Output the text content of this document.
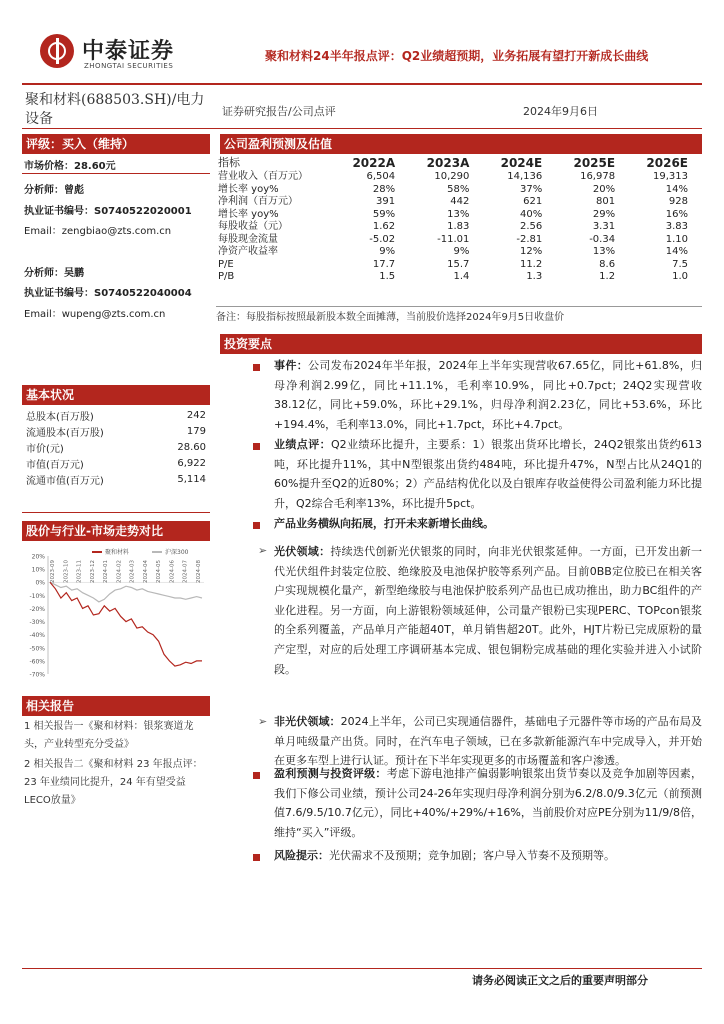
中泰证券
ZHONGTAI SECURITIES
聚和材料24半年报点评：Q2业绩超预期，业务拓展有望打开新成长曲线
聚和材料(688503.SH)/电力
设备	证券研究报告/公司点评	2024年9月6日
评级：买入（维持）
市场价格：28.60元
分析师：曾彪
执业证书编号：S0740522020001
Email：zengbiao@zts.com.cn
分析师：吴鹏
执业证书编号：S0740522040004
Email：wupeng@zts.com.cn
基本状况
总股本(百万股)	242
流通股本(百万股)	179
市价(元)	28.60
市值(百万元)	6,922
流通市值(百万元)	5,114
股价与行业-市场走势对比
20%
10%
0%
-10%
-20%
-30%
-40%
-50%
-60%
-70%
2023-09 2023-10 2023-11 2023-12 2024-01 2024-02 2024-03 2024-04 2024-05 2024-06 2024-07 2024-08
聚和材料	沪深300
相关报告
1 相关报告一《聚和材料：银浆赛道龙头，产业转型充分受益》
2 相关报告二《聚和材料 23 年报点评：23 年业绩同比提升，24 年有望受益LECO放量》
公司盈利预测及估值
指标	2022A	2023A	2024E	2025E	2026E
营业收入（百万元）	6,504	10,290	14,136	16,978	19,313
增长率 yoy%	28%	58%	37%	20%	14%
净利润（百万元）	391	442	621	801	928
增长率 yoy%	59%	13%	40%	29%	16%
每股收益（元）	1.62	1.83	2.56	3.31	3.83
每股现金流量	-5.02	-11.01	-2.81	-0.34	1.10
净资产收益率	9%	9%	12%	13%	14%
P/E	17.7	15.7	11.2	8.6	7.5
P/B	1.5	1.4	1.3	1.2	1.0
备注：每股指标按照最新股本数全面摊薄，当前股价选择2024年9月5日收盘价
投资要点
事件：公司发布2024年半年报，2024年上半年实现营收67.65亿，同比+61.8%，归母净利润2.99亿，同比+11.1%，毛利率10.9%，同比+0.7pct；24Q2实现营收38.12亿，同比+59.0%，环比+29.1%，归母净利润2.23亿，同比+53.6%，环比+194.4%，毛利率13.0%，同比+1.7pct，环比+4.7pct。
业绩点评：Q2业绩环比提升，主要系：1）银浆出货环比增长，24Q2银浆出货约613吨，环比提升11%，其中N型银浆出货约484吨，环比提升47%，N型占比从24Q1的60%提升至Q2的近80%；2）产品结构优化以及白银库存收益使得公司盈利能力环比提升，Q2综合毛利率13%，环比提升5pct。
产品业务横纵向拓展，打开未来新增长曲线。
➢ 光伏领域：持续迭代创新光伏银浆的同时，向非光伏银浆延伸。一方面，已开发出新一代光伏组件封装定位胶、绝缘胶及电池保护胶等系列产品。目前0BB定位胶已在相关客户实现规模化量产，新型绝缘胶与电池保护胶系列产品也已成功推出，助力BC组件的产业化进程。另一方面，向上游银粉领域延伸，公司量产银粉已实现PERC、TOPcon银浆的全系列覆盖，产品单月产能超40T，单月销售超20T。此外，HJT片粉已完成原粉的量产定型，对应的后处理工序调研基本完成、银包铜粉完成基础的理化实验并进入小试阶段。
➢ 非光伏领域：2024上半年，公司已实现通信器件，基础电子元器件等市场的产品布局及单月吨级量产出货。同时，在汽车电子领域，已在多款新能源汽车中完成导入，并开始在更多车型上进行认证。预计在下半年实现更多的市场覆盖和客户渗透。
盈利预测与投资评级：考虑下游电池排产偏弱影响银浆出货节奏以及竞争加剧等因素，我们下修公司业绩，预计公司24-26年实现归母净利润分别为6.2/8.0/9.3亿元（前预测值7.6/9.5/10.7亿元），同比+40%/+29%/+16%，当前股价对应PE分别为11/9/8倍，维持“买入”评级。
风险提示：光伏需求不及预期；竞争加剧；客户导入节奏不及预期等。
请务必阅读正文之后的重要声明部分
